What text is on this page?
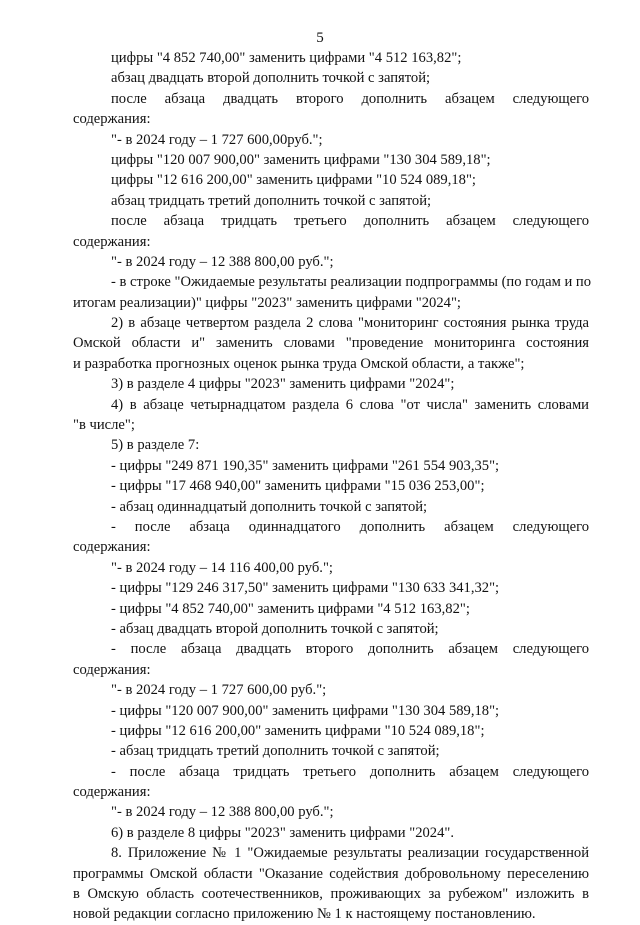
5
цифры "4 852 740,00" заменить цифрами "4 512 163,82";
абзац двадцать второй дополнить точкой с запятой;
после абзаца двадцать второго дополнить абзацем следующего
содержания:
"- в 2024 году – 1 727 600,00руб.";
цифры "120 007 900,00" заменить цифрами "130 304 589,18";
цифры "12 616 200,00" заменить цифрами "10 524 089,18";
абзац тридцать третий дополнить точкой с запятой;
после абзаца тридцать третьего дополнить абзацем следующего
содержания:
"- в 2024 году – 12 388 800,00 руб.";
- в строке "Ожидаемые результаты реализации подпрограммы (по годам и по
итогам реализации)" цифры "2023" заменить цифрами "2024";
2) в абзаце четвертом раздела 2 слова "мониторинг состояния рынка труда
Омской области и" заменить словами "проведение мониторинга состояния
и разработка прогнозных оценок рынка труда Омской области, а также";
3) в разделе 4 цифры "2023" заменить цифрами "2024";
4) в абзаце четырнадцатом раздела 6 слова "от числа" заменить словами
"в числе";
5) в разделе 7:
- цифры "249 871 190,35" заменить цифрами "261 554 903,35";
- цифры "17 468 940,00" заменить цифрами "15 036 253,00";
- абзац одиннадцатый дополнить точкой с запятой;
- после абзаца одиннадцатого дополнить абзацем следующего
содержания:
"- в 2024 году – 14 116 400,00 руб.";
- цифры "129 246 317,50" заменить цифрами "130 633 341,32";
- цифры "4 852 740,00" заменить цифрами "4 512 163,82";
- абзац двадцать второй дополнить точкой с запятой;
- после абзаца двадцать второго дополнить абзацем следующего
содержания:
"- в 2024 году – 1 727 600,00 руб.";
- цифры "120 007 900,00" заменить цифрами "130 304 589,18";
- цифры "12 616 200,00" заменить цифрами "10 524 089,18";
- абзац тридцать третий дополнить точкой с запятой;
- после абзаца тридцать третьего дополнить абзацем следующего
содержания:
"- в 2024 году – 12 388 800,00 руб.";
6) в разделе 8 цифры "2023" заменить цифрами "2024".
8. Приложение № 1 "Ожидаемые результаты реализации государственной
программы Омской области "Оказание содействия добровольному переселению
в Омскую область соотечественников, проживающих за рубежом" изложить в
новой редакции согласно приложению № 1 к настоящему постановлению.
